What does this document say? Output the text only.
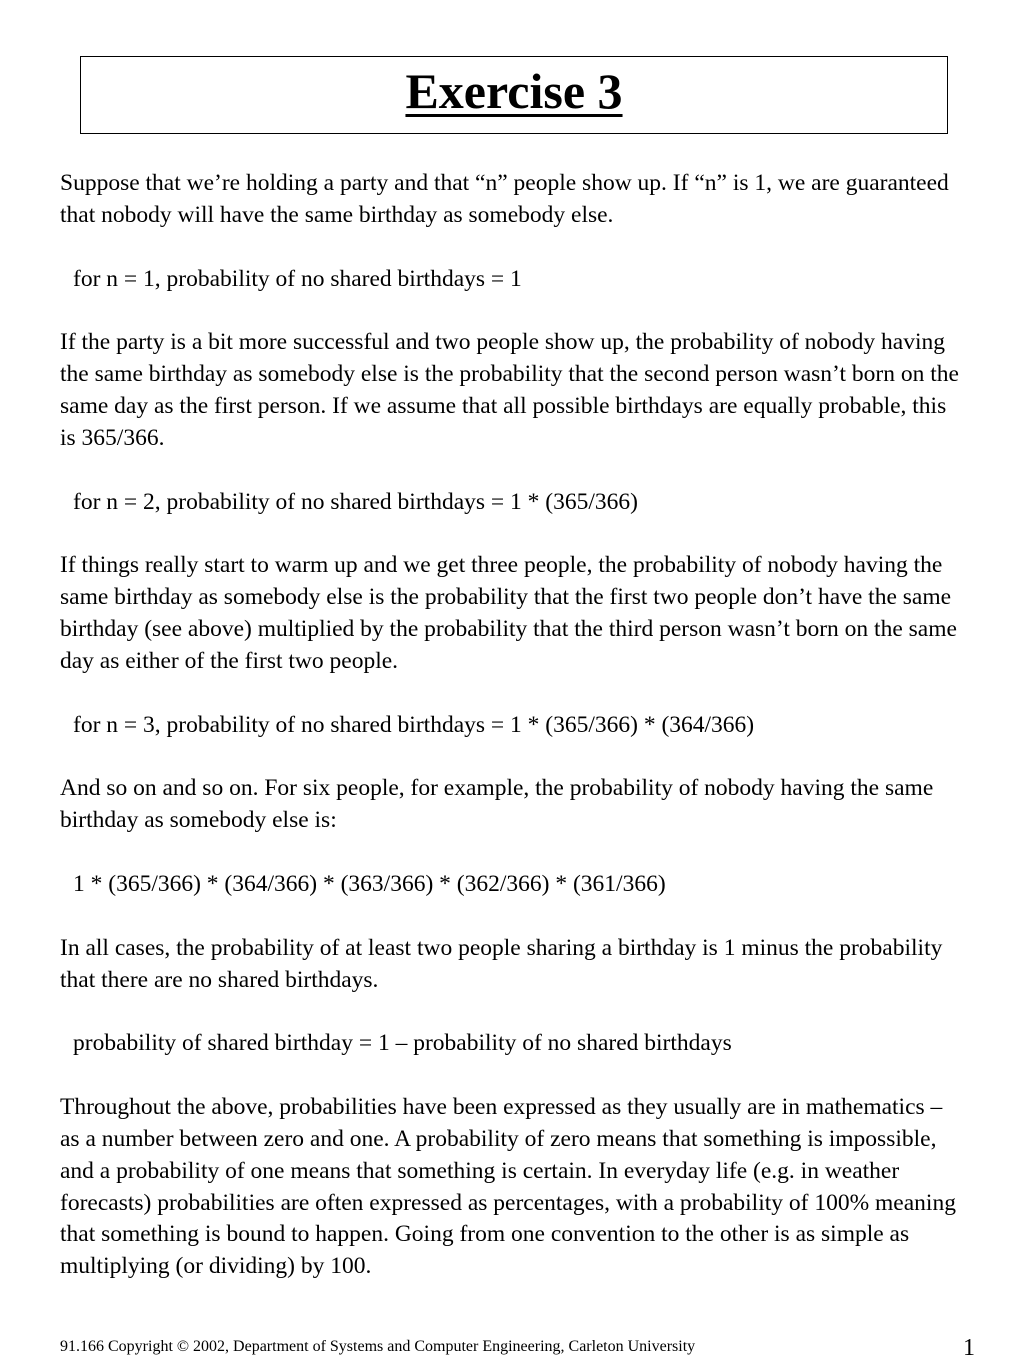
Exercise 3

Suppose that we’re holding a party and that “n” people show up. If “n” is 1, we are guaranteed that nobody will have the same birthday as somebody else.

for n = 1, probability of no shared birthdays = 1

If the party is a bit more successful and two people show up, the probability of nobody having the same birthday as somebody else is the probability that the second person wasn’t born on the same day as the first person. If we assume that all possible birthdays are equally probable, this is 365/366.

for n = 2, probability of no shared birthdays = 1 * (365/366)

If things really start to warm up and we get three people, the probability of nobody having the same birthday as somebody else is the probability that the first two people don’t have the same birthday (see above) multiplied by the probability that the third person wasn’t born on the same day as either of the first two people.

for n = 3, probability of no shared birthdays = 1 * (365/366) * (364/366)

And so on and so on. For six people, for example, the probability of nobody having the same birthday as somebody else is:

1 * (365/366) * (364/366) * (363/366) * (362/366) * (361/366)

In all cases, the probability of at least two people sharing a birthday is 1 minus the probability that there are no shared birthdays.

probability of shared birthday = 1 – probability of no shared birthdays

Throughout the above, probabilities have been expressed as they usually are in mathematics – as a number between zero and one. A probability of zero means that something is impossible, and a probability of one means that something is certain. In everyday life (e.g. in weather forecasts) probabilities are often expressed as percentages, with a probability of 100% meaning that something is bound to happen. Going from one convention to the other is as simple as multiplying (or dividing) by 100.

91.166 Copyright © 2002, Department of Systems and Computer Engineering, Carleton University	1
